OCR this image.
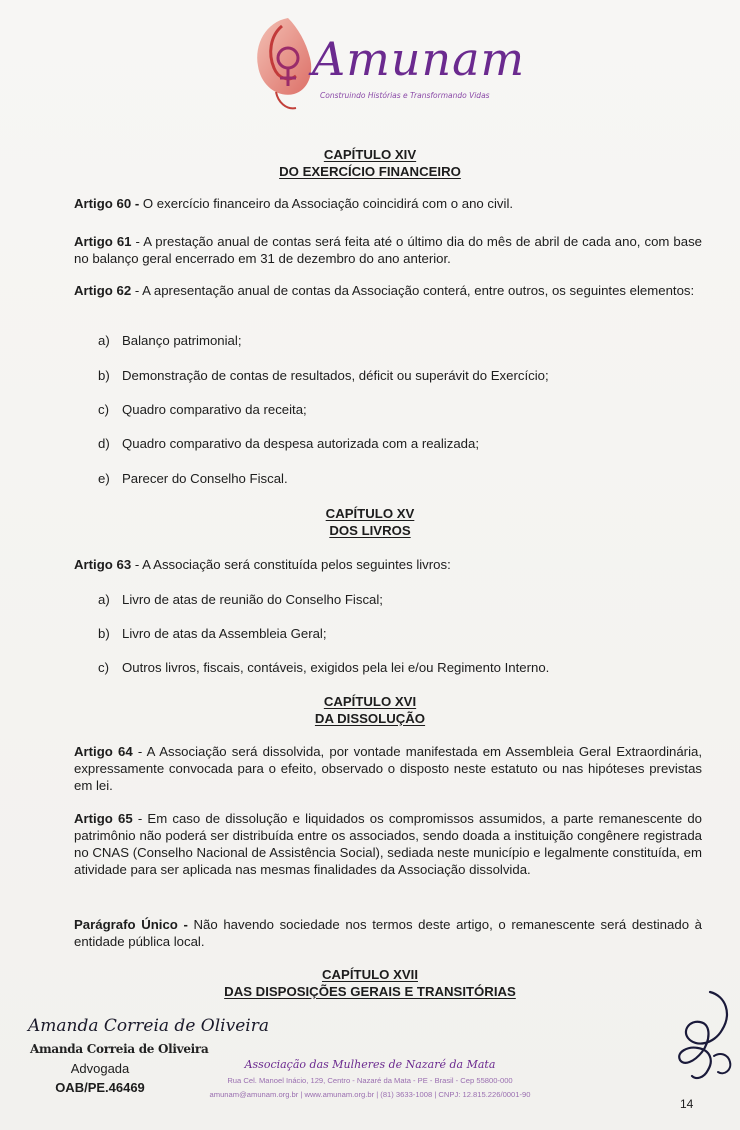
Amunam
Construindo Histórias e Transformando Vidas
CAPÍTULO XIV
DO EXERCÍCIO FINANCEIRO
Artigo 60 - O exercício financeiro da Associação coincidirá com o ano civil.
Artigo 61 - A prestação anual de contas será feita até o último dia do mês de abril de cada ano, com base no balanço geral encerrado em 31 de dezembro do ano anterior.
Artigo 62 - A apresentação anual de contas da Associação conterá, entre outros, os seguintes elementos:
a) Balanço patrimonial;
b) Demonstração de contas de resultados, déficit ou superávit do Exercício;
c) Quadro comparativo da receita;
d) Quadro comparativo da despesa autorizada com a realizada;
e) Parecer do Conselho Fiscal.
CAPÍTULO XV
DOS LIVROS
Artigo 63 - A Associação será constituída pelos seguintes livros:
a) Livro de atas de reunião do Conselho Fiscal;
b) Livro de atas da Assembleia Geral;
c) Outros livros, fiscais, contáveis, exigidos pela lei e/ou Regimento Interno.
CAPÍTULO XVI
DA DISSOLUÇÃO
Artigo 64 - A Associação será dissolvida, por vontade manifestada em Assembleia Geral Extraordinária, expressamente convocada para o efeito, observado o disposto neste estatuto ou nas hipóteses previstas em lei.
Artigo 65 - Em caso de dissolução e liquidados os compromissos assumidos, a parte remanescente do patrimônio não poderá ser distribuída entre os associados, sendo doada a instituição congênere registrada no CNAS (Conselho Nacional de Assistência Social), sediada neste município e legalmente constituída, em atividade para ser aplicada nas mesmas finalidades da Associação dissolvida.
Parágrafo Único - Não havendo sociedade nos termos deste artigo, o remanescente será destinado à entidade pública local.
CAPÍTULO XVII
DAS DISPOSIÇÕES GERAIS E TRANSITÓRIAS
Amanda Correia de Oliveira
Amanda Correia de Oliveira
Advogada
OAB/PE.46469
Associação das Mulheres de Nazaré da Mata
Rua Cel. Manoel Inácio, 129, Centro - Nazaré da Mata - PE - Brasil - Cep 55800-000
amunam@amunam.org.br | www.amunam.org.br | (81) 3633-1008 | CNPJ: 12.815.226/0001-90
14
